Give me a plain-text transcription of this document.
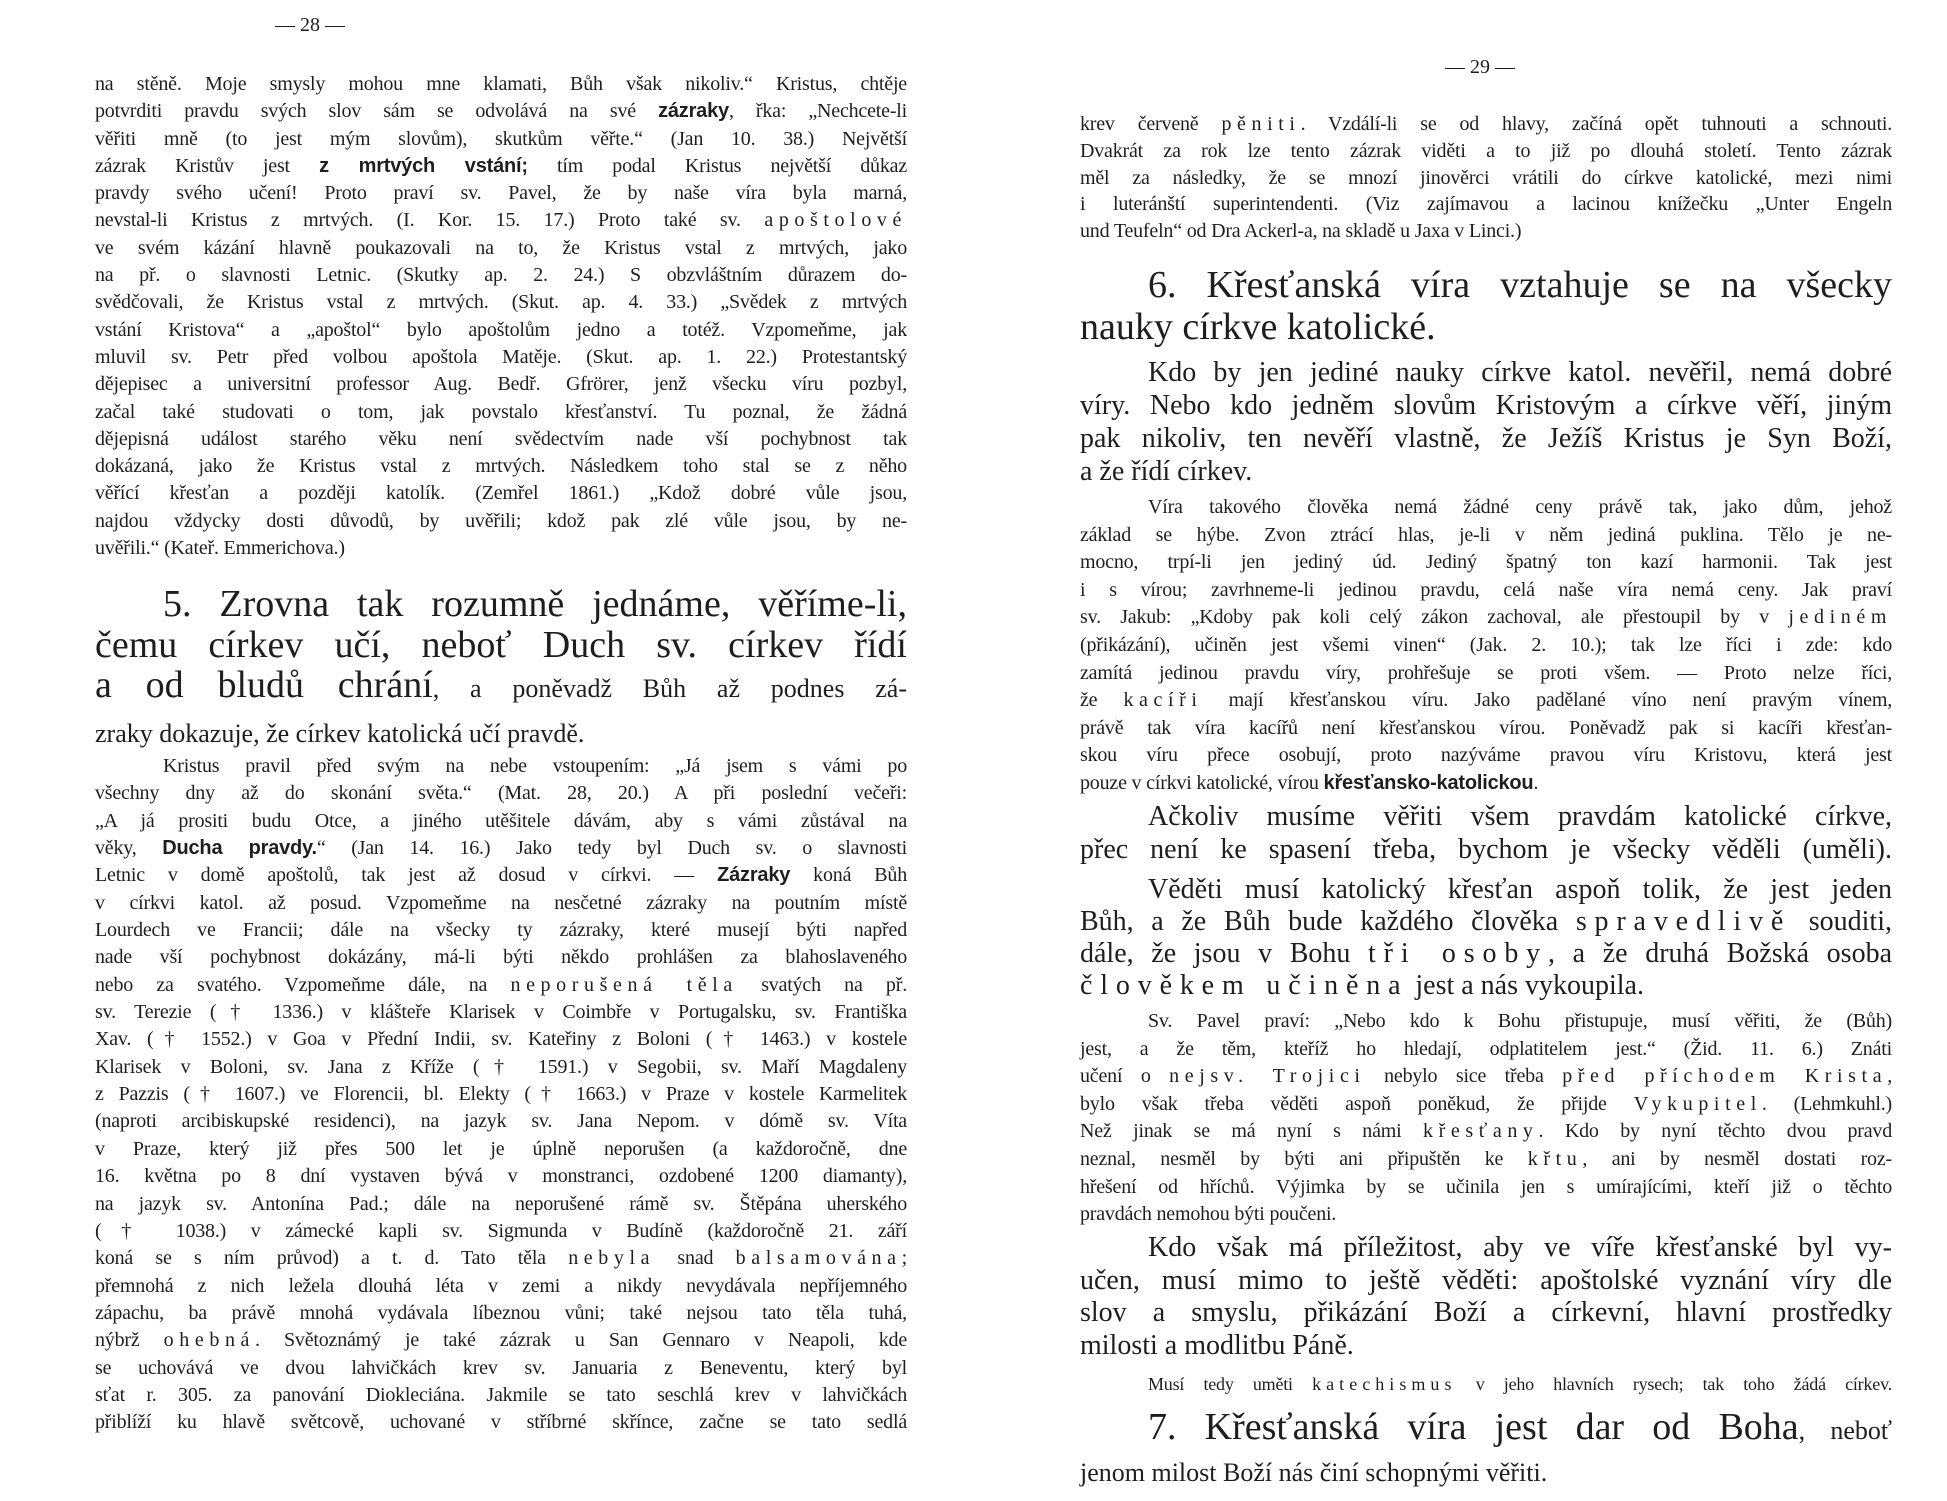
— 28 —
na stěně. Moje smysly mohou mne klamati, Bůh však nikoliv.“ Kristus, chtěje
potvrditi pravdu svých slov sám se odvolává na své zázraky, řka: „Nechcete-li
věřiti mně (to jest mým slovům), skutkům věřte.“ (Jan 10. 38.) Největší
zázrak Kristův jest z mrtvých vstání; tím podal Kristus největší důkaz
pravdy svého učení! Proto praví sv. Pavel, že by naše víra byla marná,
nevstal-li Kristus z mrtvých. (I. Kor. 15. 17.) Proto také sv. apoštolové
ve svém kázání hlavně poukazovali na to, že Kristus vstal z mrtvých, jako
na př. o slavnosti Letnic. (Skutky ap. 2. 24.) S obzvláštním důrazem do-
svědčovali, že Kristus vstal z mrtvých. (Skut. ap. 4. 33.) „Svědek z mrtvých
vstání Kristova“ a „apoštol“ bylo apoštolům jedno a totéž. Vzpomeňme, jak
mluvil sv. Petr před volbou apoštola Matěje. (Skut. ap. 1. 22.) Protestantský
dějepisec a universitní professor Aug. Bedř. Gfrörer, jenž všecku víru pozbyl,
začal také studovati o tom, jak povstalo křesťanství. Tu poznal, že žádná
dějepisná událost starého věku není svědectvím nade vší pochybnost tak
dokázaná, jako že Kristus vstal z mrtvých. Následkem toho stal se z něho
věřící křesťan a později katolík. (Zemřel 1861.) „Kdož dobré vůle jsou,
najdou vždycky dosti důvodů, by uvěřili; kdož pak zlé vůle jsou, by ne-
uvěřili.“ (Kateř. Emmerichova.)
5. Zrovna tak rozumně jednáme, věříme-li,
čemu církev učí, neboť Duch sv. církev řídí
a od bludů chrání, a poněvadž Bůh až podnes zá-
zraky dokazuje, že církev katolická učí pravdě.
Kristus pravil před svým na nebe vstoupením: „Já jsem s vámi po
všechny dny až do skonání světa.“ (Mat. 28, 20.) A při poslední večeři:
„A já prositi budu Otce, a jiného utěšitele dávám, aby s vámi zůstával na
věky, Ducha pravdy.“ (Jan 14. 16.) Jako tedy byl Duch sv. o slavnosti
Letnic v domě apoštolů, tak jest až dosud v církvi. — Zázraky koná Bůh
v církvi katol. až posud. Vzpomeňme na nesčetné zázraky na poutním místě
Lourdech ve Francii; dále na všecky ty zázraky, které musejí býti napřed
nade vší pochybnost dokázány, má-li býti někdo prohlášen za blahoslaveného
nebo za svatého. Vzpomeňme dále, na neporušená těla svatých na př.
sv. Terezie († 1336.) v klášteře Klarisek v Coimbře v Portugalsku, sv. Františka
Xav. († 1552.) v Goa v Přední Indii, sv. Kateřiny z Boloni († 1463.) v kostele
Klarisek v Boloni, sv. Jana z Kříže († 1591.) v Segobii, sv. Maří Magdaleny
z Pazzis († 1607.) ve Florencii, bl. Elekty († 1663.) v Praze v kostele Karmelitek
(naproti arcibiskupské residenci), na jazyk sv. Jana Nepom. v dómě sv. Víta
v Praze, který již přes 500 let je úplně neporušen (a každoročně, dne
16. května po 8 dní vystaven bývá v monstranci, ozdobené 1200 diamanty),
na jazyk sv. Antonína Pad.; dále na neporušené rámě sv. Štěpána uherského
(† 1038.) v zámecké kapli sv. Sigmunda v Budíně (každoročně 21. září
koná se s ním průvod) a t. d. Tato těla nebyla snad balsamována;
přemnohá z nich ležela dlouhá léta v zemi a nikdy nevydávala nepříjemného
zápachu, ba právě mnohá vydávala líbeznou vůni; také nejsou tato těla tuhá,
nýbrž ohebná. Světoznámý je také zázrak u San Gennaro v Neapoli, kde
se uchovává ve dvou lahvičkách krev sv. Januaria z Beneventu, který byl
sťat r. 305. za panování Diokleciána. Jakmile se tato seschlá krev v lahvičkách
přiblíží ku hlavě světcově, uchované v stříbrné skřínce, začne se tato sedlá
— 29 —
krev červeně pěniti. Vzdálí-li se od hlavy, začíná opět tuhnouti a schnouti.
Dvakrát za rok lze tento zázrak viděti a to již po dlouhá století. Tento zázrak
měl za následky, že se mnozí jinověrci vrátili do církve katolické, mezi nimi
i luteránští superintendenti. (Viz zajímavou a lacinou knížečku „Unter Engeln
und Teufeln“ od Dra Ackerl-a, na skladě u Jaxa v Linci.)
6. Křesťanská víra vztahuje se na všecky
nauky církve katolické.
Kdo by jen jediné nauky církve katol. nevěřil, nemá dobré
víry. Nebo kdo jedněm slovům Kristovým a církve věří, jiným
pak nikoliv, ten nevěří vlastně, že Ježíš Kristus je Syn Boží,
a že řídí církev.
Víra takového člověka nemá žádné ceny právě tak, jako dům, jehož
základ se hýbe. Zvon ztrácí hlas, je-li v něm jediná puklina. Tělo je ne-
mocno, trpí-li jen jediný úd. Jediný špatný ton kazí harmonii. Tak jest
i s vírou; zavrhneme-li jedinou pravdu, celá naše víra nemá ceny. Jak praví
sv. Jakub: „Kdoby pak koli celý zákon zachoval, ale přestoupil by v jediném
(přikázání), učiněn jest všemi vinen“ (Jak. 2. 10.); tak lze říci i zde: kdo
zamítá jedinou pravdu víry, prohřešuje se proti všem. — Proto nelze říci,
že kacíři mají křesťanskou víru. Jako padělané víno není pravým vínem,
právě tak víra kacířů není křesťanskou vírou. Poněvadž pak si kacíři křesťan-
skou víru přece osobují, proto nazýváme pravou víru Kristovu, která jest
pouze v církvi katolické, vírou křesťansko-katolickou.
Ačkoliv musíme věřiti všem pravdám katolické církve,
přec není ke spasení třeba, bychom je všecky věděli (uměli).
Věděti musí katolický křesťan aspoň tolik, že jest jeden
Bůh, a že Bůh bude každého člověka spravedlivě souditi,
dále, že jsou v Bohu tři osoby, a že druhá Božská osoba
člověkem učiněna jest a nás vykoupila.
Sv. Pavel praví: „Nebo kdo k Bohu přistupuje, musí věřiti, že (Bůh)
jest, a že těm, kteříž ho hledají, odplatitelem jest.“ (Žid. 11. 6.) Znáti
učení o nejsv. Trojici nebylo sice třeba před příchodem Krista,
bylo však třeba věděti aspoň poněkud, že přijde Vykupitel. (Lehmkuhl.)
Než jinak se má nyní s námi křesťany. Kdo by nyní těchto dvou pravd
neznal, nesměl by býti ani připuštěn ke křtu, ani by nesměl dostati roz-
hřešení od hříchů. Výjimka by se učinila jen s umírajícími, kteří již o těchto
pravdách nemohou býti poučeni.
Kdo však má příležitost, aby ve víře křesťanské byl vy-
učen, musí mimo to ještě věděti: apoštolské vyznání víry dle
slov a smyslu, přikázání Boží a církevní, hlavní prostředky
milosti a modlitbu Páně.
Musí tedy uměti katechismus v jeho hlavních rysech; tak toho žádá církev.
7. Křesťanská víra jest dar od Boha, neboť
jenom milost Boží nás činí schopnými věřiti.
